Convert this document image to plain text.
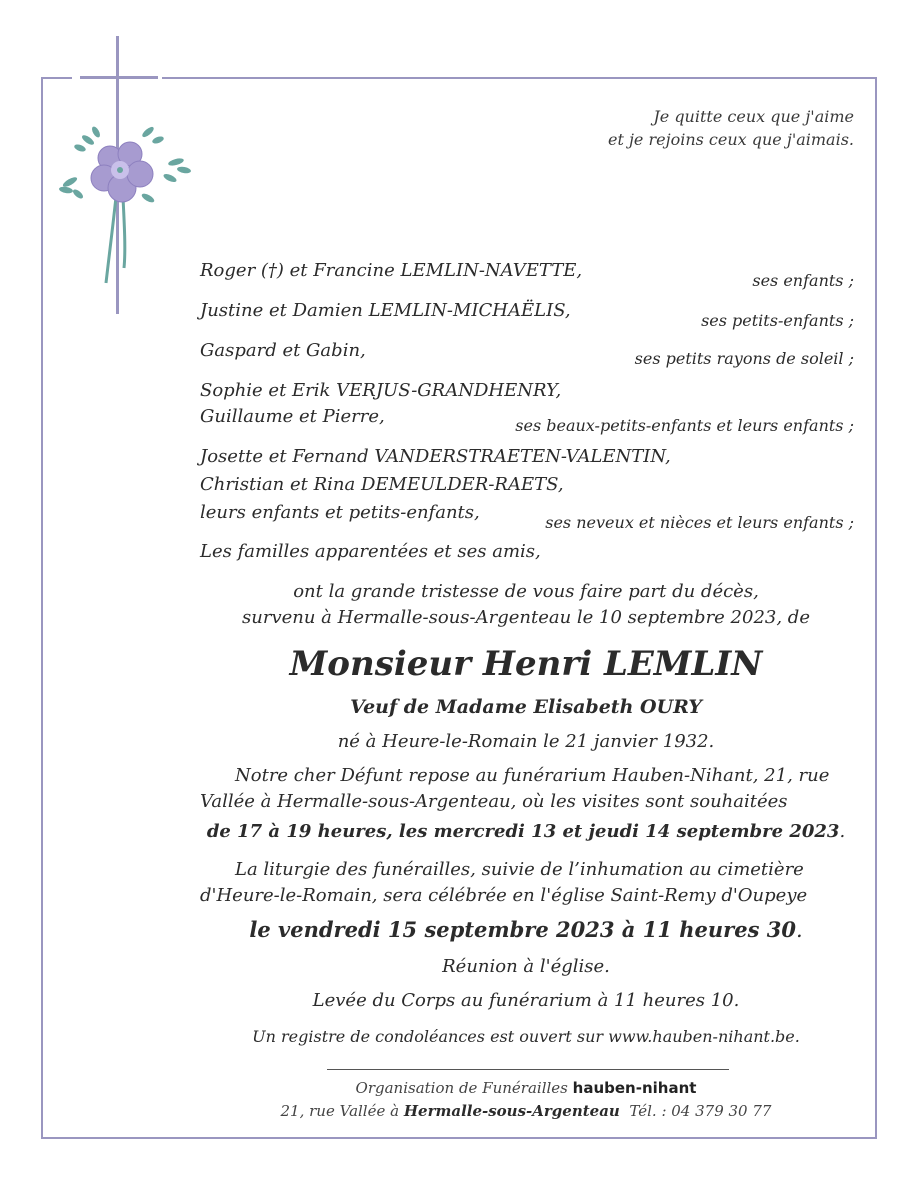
Je quitte ceux que j'aime
et je rejoins ceux que j'aimais.
Roger (†) et Francine LEMLIN-NAVETTE,
Justine et Damien LEMLIN-MICHAËLIS,
Gaspard et Gabin,
Sophie et Erik VERJUS-GRANDHENRY,
Guillaume et Pierre,
Josette et Fernand VANDERSTRAETEN-VALENTIN,
Christian et Rina DEMEULDER-RAETS,
leurs enfants et petits-enfants,
Les familles apparentées et ses amis,
ses enfants ;
ses petits-enfants ;
ses petits rayons de soleil ;
ses beaux-petits-enfants et leurs enfants ;
ses neveux et nièces et leurs enfants ;
ont la grande tristesse de vous faire part du décès,
survenu à Hermalle-sous-Argenteau le 10 septembre 2023, de
Monsieur Henri LEMLIN
Veuf de Madame Elisabeth OURY
né à Heure-le-Romain le 21 janvier 1932.
Notre cher Défunt repose au funérarium Hauben-Nihant, 21, rue
Vallée à Hermalle-sous-Argenteau, où les visites sont souhaitées
de 17 à 19 heures, les mercredi 13 et jeudi 14 septembre 2023.
La liturgie des funérailles, suivie de l’inhumation au cimetière
d'Heure-le-Romain, sera célébrée en l'église Saint-Remy d'Oupeye
le vendredi 15 septembre 2023 à 11 heures 30.
Réunion à l'église.
Levée du Corps au funérarium à 11 heures 10.
Un registre de condoléances est ouvert sur www.hauben-nihant.be.
Organisation de Funérailles hauben-nihant
21, rue Vallée à Hermalle-sous-Argenteau Tél. : 04 379 30 77
